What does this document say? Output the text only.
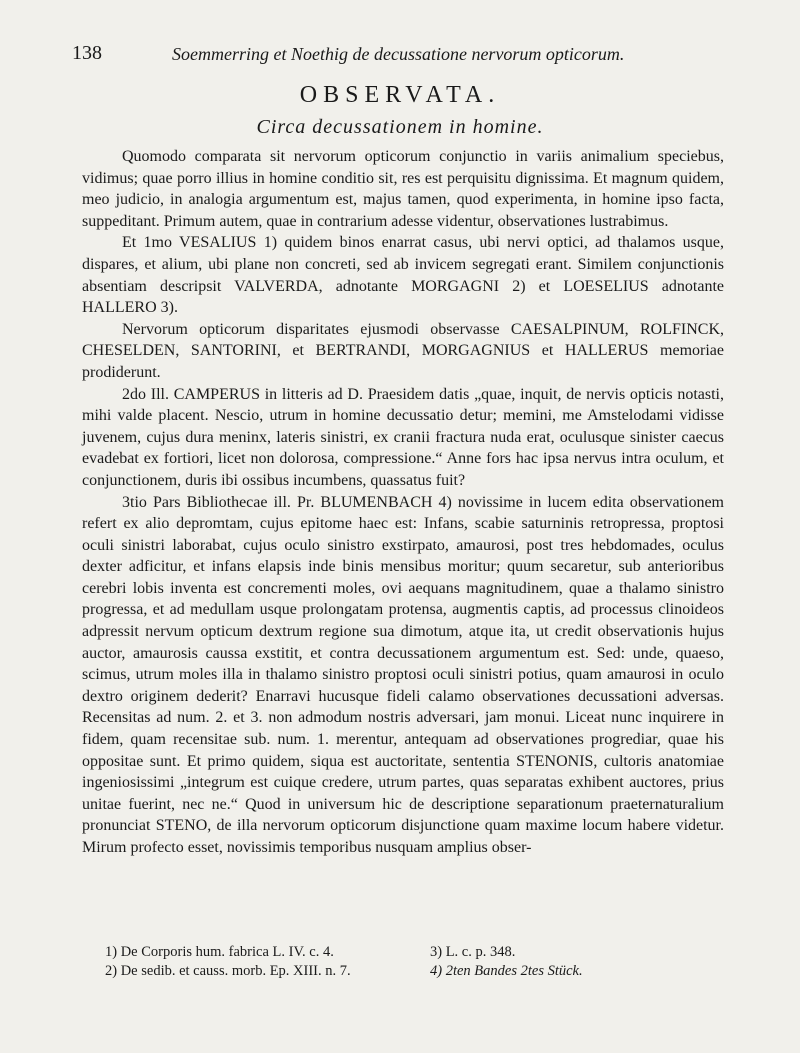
138	Soemmerring et Noethig de decussatione nervorum opticorum.
OBSERVATA.
Circa decussationem in homine.

Quomodo comparata sit nervorum opticorum conjunctio in variis animalium speciebus, vidimus; quae porro illius in homine conditio sit, res est perquisitu dignissima. Et magnum quidem, meo judicio, in analogia argumentum est, majus tamen, quod experimenta, in homine ipso facta, suppeditant. Primum autem, quae in contrarium adesse videntur, observationes lustrabimus.

Et 1mo VESALIUS 1) quidem binos enarrat casus, ubi nervi optici, ad thalamos usque, dispares, et alium, ubi plane non concreti, sed ab invicem segregati erant. Similem conjunctionis absentiam descripsit VALVERDA, adnotante MORGAGNI 2) et LOESELIUS adnotante HALLERO 3).

Nervorum opticorum disparitates ejusmodi observasse CAESALPINUM, ROLFINCK, CHESELDEN, SANTORINI, et BERTRANDI, MORGAGNIUS et HALLERUS memoriae prodiderunt.

2do Ill. CAMPERUS in litteris ad D. Praesidem datis „quae, inquit, de nervis opticis notasti, mihi valde placent. Nescio, utrum in homine decussatio detur; memini, me Amstelodami vidisse juvenem, cujus dura meninx, lateris sinistri, ex cranii fractura nuda erat, oculusque sinister caecus evadebat ex fortiori, licet non dolorosa, compressione.“ Anne fors hac ipsa nervus intra oculum, et conjunctionem, duris ibi ossibus incumbens, quassatus fuit?

3tio Pars Bibliothecae ill. Pr. BLUMENBACH 4) novissime in lucem edita observationem refert ex alio depromtam, cujus epitome haec est: Infans, scabie saturninis retropressa, proptosi oculi sinistri laborabat, cujus oculo sinistro exstirpato, amaurosi, post tres hebdomades, oculus dexter adficitur, et infans elapsis inde binis mensibus moritur; quum secaretur, sub anterioribus cerebri lobis inventa est concrementi moles, ovi aequans magnitudinem, quae a thalamo sinistro progressa, et ad medullam usque prolongatam protensa, augmentis captis, ad processus clinoideos adpressit nervum opticum dextrum regione sua dimotum, atque ita, ut credit observationis hujus auctor, amaurosis caussa exstitit, et contra decussationem argumentum est. Sed: unde, quaeso, scimus, utrum moles illa in thalamo sinistro proptosi oculi sinistri potius, quam amaurosi in oculo dextro originem dederit? Enarravi hucusque fideli calamo observationes decussationi adversas. Recensitas ad num. 2. et 3. non admodum nostris adversari, jam monui. Liceat nunc inquirere in fidem, quam recensitae sub. num. 1. merentur, antequam ad observationes progrediar, quae his oppositae sunt. Et primo quidem, siqua est auctoritate, sententia STENONIS, cultoris anatomiae ingeniosissimi „integrum est cuique credere, utrum partes, quas separatas exhibent auctores, prius unitae fuerint, nec ne.“ Quod in universum hic de descriptione separationum praeternaturalium pronunciat STENO, de illa nervorum opticorum disjunctione quam maxime locum habere videtur. Mirum profecto esset, novissimis temporibus nusquam amplius obser-

1) De Corporis hum. fabrica L. IV. c. 4.
2) De sedib. et causs. morb. Ep. XIII. n. 7.
3) L. c. p. 348.
4) 2ten Bandes 2tes Stück.
